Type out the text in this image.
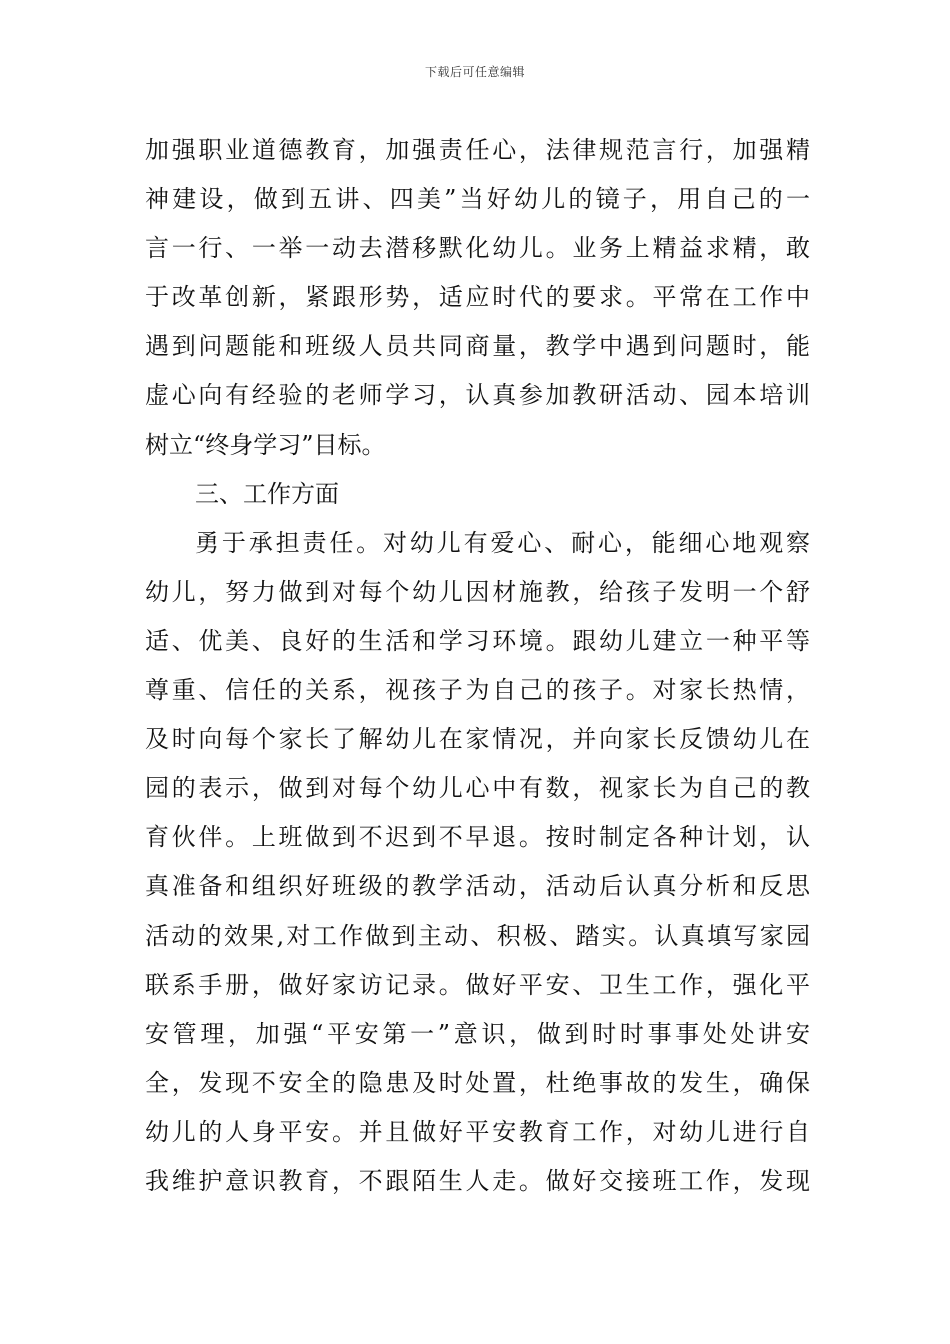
下载后可任意编辑
加强职业道德教育，加强责任心，法律规范言行，加强精
神建设，做到五讲、四美”当好幼儿的镜子，用自己的一
言一行、一举一动去潜移默化幼儿。业务上精益求精，敢
于改革创新，紧跟形势，适应时代的要求。平常在工作中
遇到问题能和班级人员共同商量，教学中遇到问题时，能
虚心向有经验的老师学习，认真参加教研活动、园本培训
树立“终身学习”目标。
三、工作方面
勇于承担责任。对幼儿有爱心、耐心，能细心地观察
幼儿，努力做到对每个幼儿因材施教，给孩子发明一个舒
适、优美、良好的生活和学习环境。跟幼儿建立一种平等
尊重、信任的关系，视孩子为自己的孩子。对家长热情，
及时向每个家长了解幼儿在家情况，并向家长反馈幼儿在
园的表示，做到对每个幼儿心中有数，视家长为自己的教
育伙伴。上班做到不迟到不早退。按时制定各种计划，认
真准备和组织好班级的教学活动，活动后认真分析和反思
活动的效果,对工作做到主动、积极、踏实。认真填写家园
联系手册，做好家访记录。做好平安、卫生工作，强化平
安管理，加强“平安第一”意识，做到时时事事处处讲安
全，发现不安全的隐患及时处置，杜绝事故的发生，确保
幼儿的人身平安。并且做好平安教育工作，对幼儿进行自
我维护意识教育，不跟陌生人走。做好交接班工作，发现
